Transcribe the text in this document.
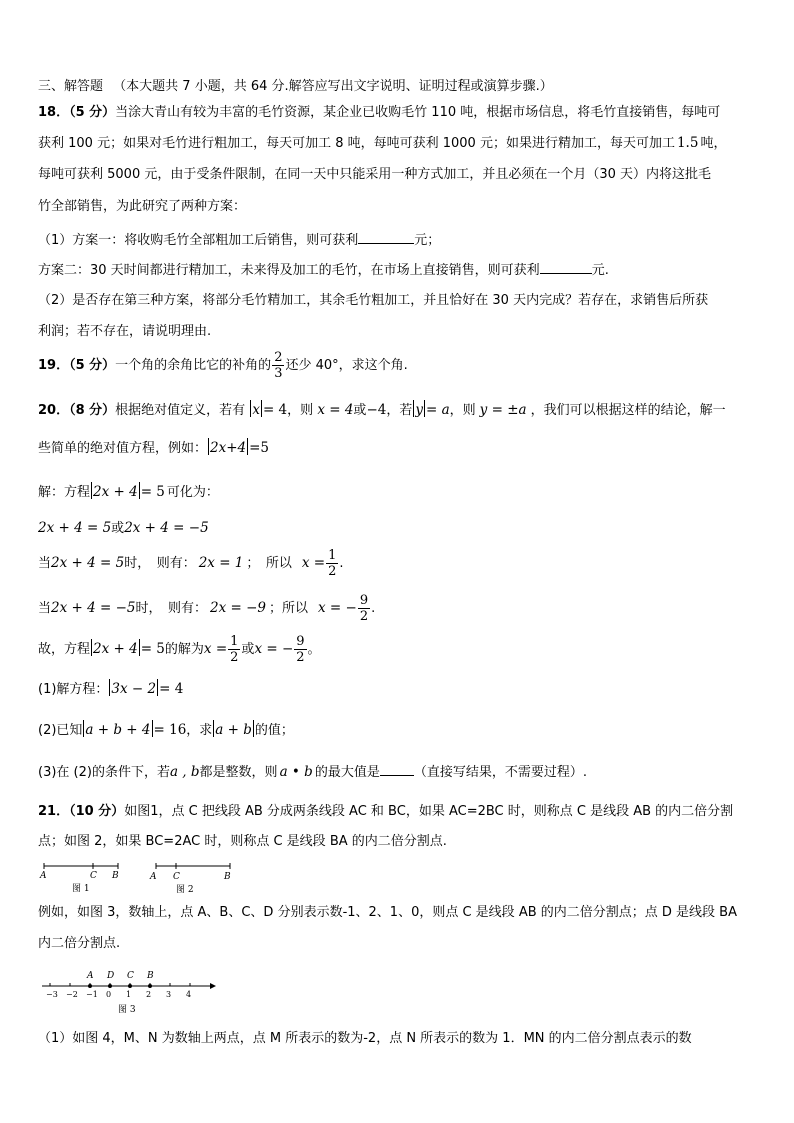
三、解答题 （本大题共 7 小题，共 64 分.解答应写出文字说明、证明过程或演算步骤.）
18．（5 分）当涂大青山有较为丰富的毛竹资源，某企业已收购毛竹 110 吨，根据市场信息，将毛竹直接销售，每吨可
获利 100 元；如果对毛竹进行粗加工，每天可加工 8 吨，每吨可获利 1000 元；如果进行精加工，每天可加工 1.5 吨，
每吨可获利 5000 元，由于受条件限制，在同一天中只能采用一种方式加工，并且必须在一个月（30 天）内将这批毛
竹全部销售，为此研究了两种方案：
（1）方案一：将收购毛竹全部粗加工后销售，则可获利	元；
方案二：30 天时间都进行精加工，未来得及加工的毛竹，在市场上直接销售，则可获利	元.
（2）是否存在第三种方案，将部分毛竹精加工，其余毛竹粗加工，并且恰好在 30 天内完成？若存在，求销售后所获
利润；若不存在，请说明理由.
19．（5 分）一个角的余角比它的补角的 $\frac{2}{3}$ 还少 40°，求这个角.
20．（8 分）根据绝对值定义，若有 x = 4，则 x = 4或−4，若 y = a，则 y = ±a ，我们可以根据这样的结论，解一
些简单的绝对值方程，例如： 2x+4 =5
解：方程 2x + 4 = 5 可化为：
2x + 4 = 5或2x + 4 = −5
当2x + 4 = 5时，　则有： 2x = 1 ；　所以 $x = \frac{1}{2}$ .
当2x + 4 = −5时，　则有： 2x = −9 ；所以 x = − $\frac{9}{2}$ .
故，方程 2x + 4 = 5的解为$x = \frac{1}{2}$ 或x = − $\frac{9}{2}$ 。
(1)解方程： 3x − 2 = 4
(2)已知 a + b + 4 = 16，求 a + b 的值；
(3)在 (2)的条件下，若a , b都是整数，则 a • b 的最大值是	（直接写结果，不需要过程）.
21．（10 分）如图1，点 C 把线段 AB 分成两条线段 AC 和 BC，如果 AC=2BC 时，则称点 C 是线段 AB 的内二倍分割
点；如图 2，如果 BC=2AC 时，则称点 C 是线段 BA 的内二倍分割点.
A	C B
图 1
A C	B
图 2
例如，如图 3，数轴上，点 A、B、C、D 分别表示数-1、2、1、0，则点 C 是线段 AB 的内二倍分割点；点 D 是线段 BA
内二倍分割点.
−3 −2 −1 0 1 2 3 4
A D C B
图 3
（1）如图 4，M、N 为数轴上两点，点 M 所表示的数为-2，点 N 所表示的数为 1．MN 的内二倍分割点表示的数
